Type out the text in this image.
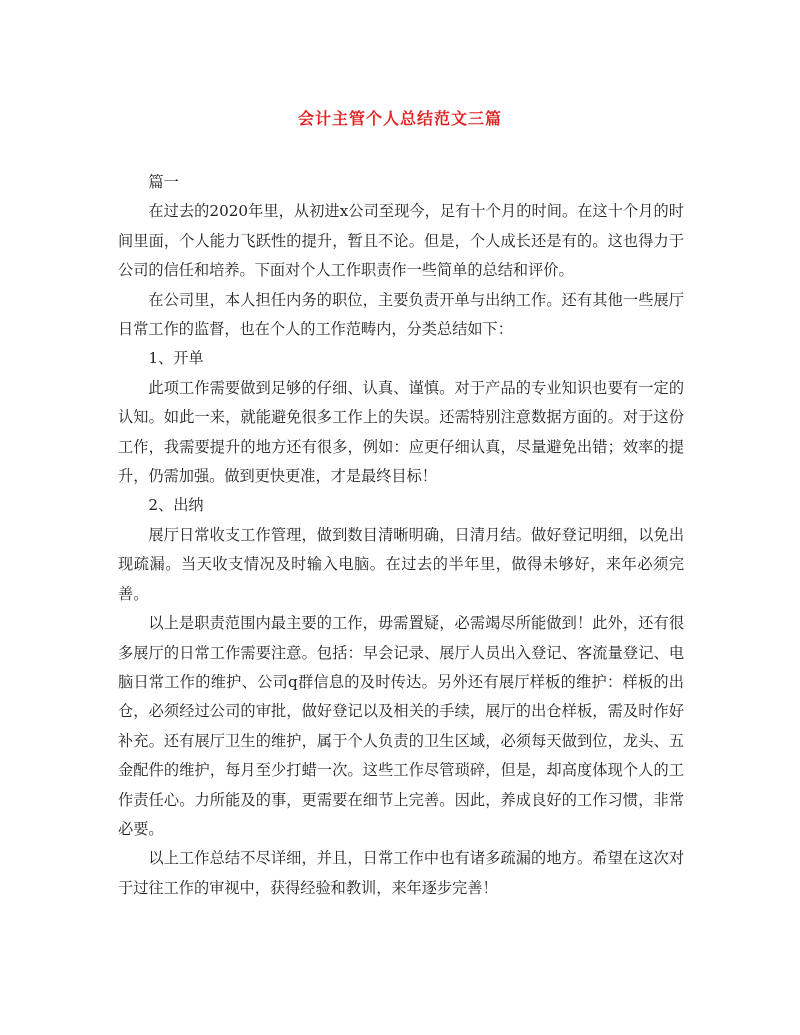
会计主管个人总结范文三篇

篇一

在过去的2020年里，从初进x公司至现今，足有十个月的时间。在这十个月的时间里面，个人能力飞跃性的提升，暂且不论。但是，个人成长还是有的。这也得力于公司的信任和培养。下面对个人工作职责作一些简单的总结和评价。

在公司里，本人担任内务的职位，主要负责开单与出纳工作。还有其他一些展厅日常工作的监督，也在个人的工作范畴内，分类总结如下：

1、开单

此项工作需要做到足够的仔细、认真、谨慎。对于产品的专业知识也要有一定的认知。如此一来，就能避免很多工作上的失误。还需特别注意数据方面的。对于这份工作，我需要提升的地方还有很多，例如：应更仔细认真，尽量避免出错；效率的提升，仍需加强。做到更快更准，才是最终目标！

2、出纳

展厅日常收支工作管理，做到数目清晰明确，日清月结。做好登记明细，以免出现疏漏。当天收支情况及时输入电脑。在过去的半年里，做得未够好，来年必须完善。

以上是职责范围内最主要的工作，毋需置疑，必需竭尽所能做到！此外，还有很多展厅的日常工作需要注意。包括：早会记录、展厅人员出入登记、客流量登记、电脑日常工作的维护、公司q群信息的及时传达。另外还有展厅样板的维护：样板的出仓，必须经过公司的审批，做好登记以及相关的手续，展厅的出仓样板，需及时作好补充。还有展厅卫生的维护，属于个人负责的卫生区域，必须每天做到位，龙头、五金配件的维护，每月至少打蜡一次。这些工作尽管琐碎，但是，却高度体现个人的工作责任心。力所能及的事，更需要在细节上完善。因此，养成良好的工作习惯，非常必要。

以上工作总结不尽详细，并且，日常工作中也有诸多疏漏的地方。希望在这次对于过往工作的审视中，获得经验和教训，来年逐步完善！
